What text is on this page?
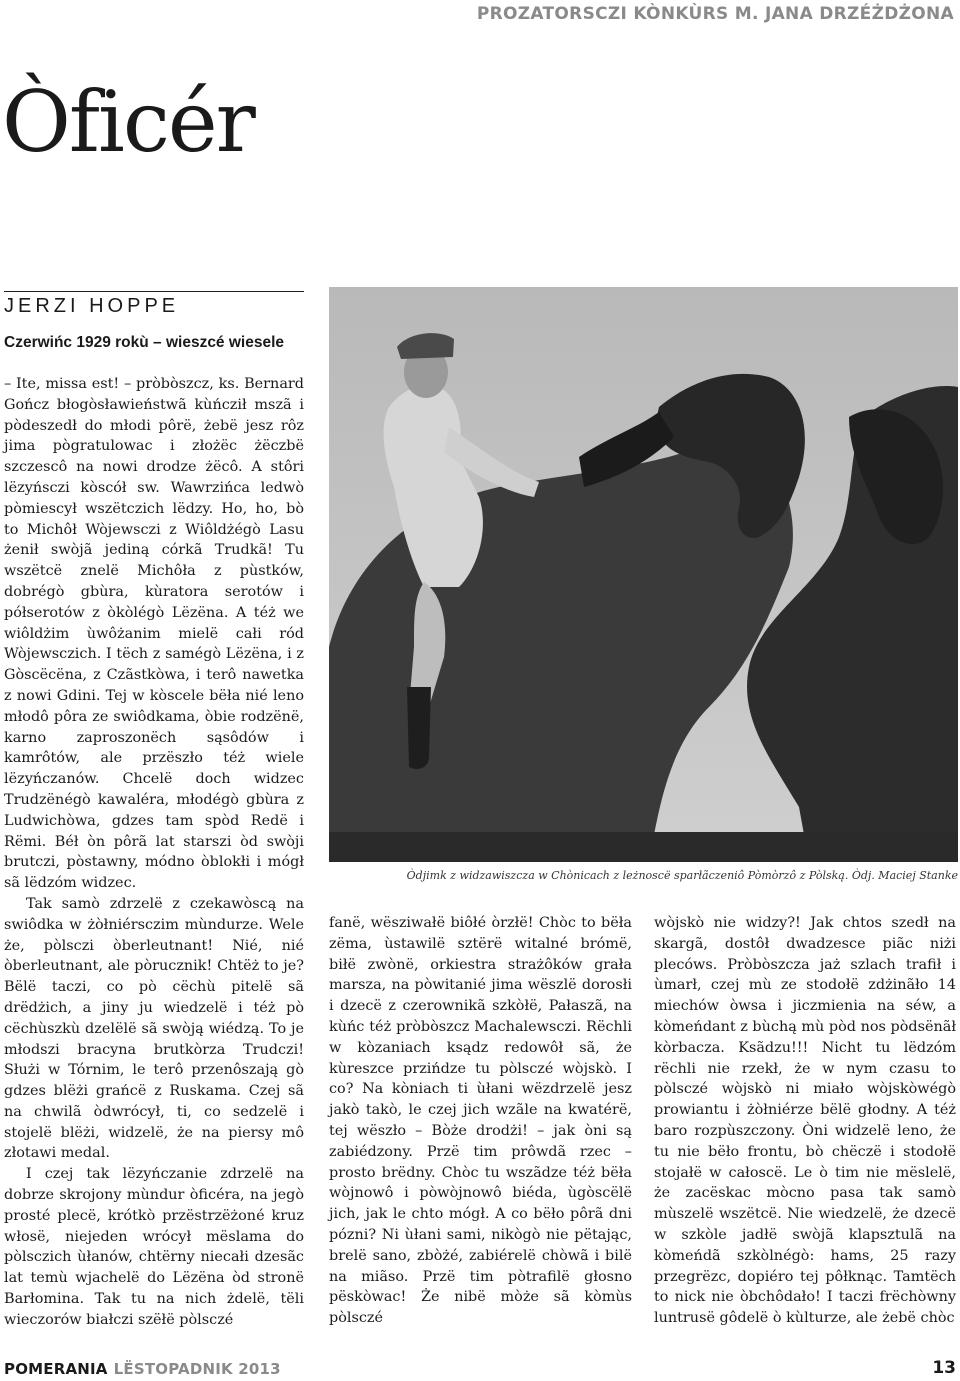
PROZATORSCZI KÒNKÙRS M. JANA DRZÉŻDŻONA
Òficér
JERZI HOPPE
Czerwińc 1929 rokù – wieszcé wiesele

– Ite, missa est! – pròbòszcz, ks. Bernard Gończ błogòsławieństwã kùńcził mszã i pòdeszedł do młodi pôrë, żebë jesz rôz jima pògratulowac i złożëc żëczbë szczescô na nowi drodze żëcô. A stôri lëzyńsczi kòscół sw. Wawrzińca ledwò pòmiescył wszëtczich lëdzy. Ho, ho, bò to Michôł Wòjewsczi z Wiôldżégò Lasu żenił swòjã jediną córkã Trudkã! Tu wszëtcë znelë Michôła z pùstków, dobrégò gbùra, kùratora serotów i półserotów z òkòlégò Lëzëna. A téż we wiôldżim ùwôżanim mielë całi ród Wòjewsczich. I tëch z samégò Lëzëna, i z Gòscëcëna, z Czãstkòwa, i terô nawetka z nowi Gdini. Tej w kòscele bëła nié leno młodô pôra ze swiôdkama, òbie rodzënë, karno zaproszonëch sąsôdów i kamrôtów, ale przëszło téż wiele lëzyńczanów. Chcelë doch widzec Trudzënégò kawaléra, młodégò gbùra z Ludwichòwa, gdzes tam spòd Redë i Rëmi. Béł òn pôrã lat starszi òd swòji brutczi, pòstawny, módno òblokłi i mógł sã lëdzóm widzec.

Tak samò zdrzelë z czekawòscą na swiôdka w żòłniérsczim mùndurze. Wele że, pòlsczi òberleutnant! Nié, nié òberleutnant, ale pòrucznik! Chtëż to je? Bëlë taczi, co pò cëchù pitelë sã drëdżich, a jiny ju wiedzelë i téż pò cëchùszkù dzelëlë sã swòją wiédzą. To je młodszi bracyna brutkòrza Trudczi! Służi w Tórnim, le terô przenôszają gò gdzes blëżi grańcë z Ruskama. Czej sã na chwilã òdwrócył, ti, co sedzelë i stojelë blëżi, widzelë, że na piersy mô złotawi medal.

I czej tak lëzyńczanie zdrzelë na dobrze skrojony mùndur òficéra, na jegò prosté plecë, krótkò przëstrzëżoné kruz włosë, niejeden wrócył mëslama do pòlsczich ùłanów, chtërny niecałi dzesãc lat temù wjachelë do Lëzëna òd stronë Barłomina. Tak tu na nich żdelë, tëli wieczorów białczi szëłë pòlsczé

Òdjimk z widzawiszcza w Chònicach z leżnoscë sparłãczeniô Pòmòrzô z Pòlską. Òdj. Maciej Stanke

fanë, wësziwałë biôłé òrzłë! Chòc to bëła zëma, ùstawilë sztërë witalné brómë, biłë zwònë, orkiestra strażôków grała marsza, na pòwitanié jima wëszlë dorosłi i dzecë z czerownikã szkòłë, Pałaszã, na kùńc téż pròbòszcz Machalewsczi. Rëchli w kòzaniach ksądz redowôł sã, że kùreszce przińdze tu pòlsczé wòjskò. I co? Na kòniach ti ùłani wëzdrzelë jesz jakò takò, le czej jich wzãle na kwatérë, tej wëszło – Bòże drodżi! – jak òni są zabiédzony. Przë tim prôwdã rzec – prosto brëdny. Chòc tu wszãdze téż bëła wòjnowô i pòwòjnowô biéda, ùgòscëlë jich, jak le chto mógł. A co bëło pôrã dni pózni? Ni ùłani sami, nikògò nie pëtając, brelë sano, zbòżé, zabiérelë chòwã i bilë na miãso. Przë tim pòtrafilë głosno pëskòwac! Że nibë mòże sã kòmùs pòlsczé

wòjskò nie widzy?! Jak chtos szedł na skargã, dostôł dwadzesce piãc niżi plecóws. Pròbòszcza jaż szlach trafił i ùmarł, czej mù ze stodołë zdżinãło 14 miechów òwsa i jiczmienia na séw, a kòmeńdant z bùchą mù pòd nos pòdsënãł kòrbacza. Ksãdzu!!! Nicht tu lëdzóm rëchli nie rzekł, że w nym czasu to pòlsczé wòjskò ni miało wòjskòwégò prowiantu i żòłniérze bëlë głodny. A téż baro rozpùszczony. Òni widzelë leno, że tu nie bëło frontu, bò chëczë i stodołë stojałë w całoscë. Le ò tim nie mëslelë, że zacëskac mòcno pasa tak samò mùszelë wszëtcë. Nie wiedzelë, że dzecë w szkòle jadłë swòjã klapsztulã na kòmeńdã szkòlnégò: hams, 25 razy przegrëzc, dopiéro tej pôłknąc. Tamtëch to nick nie òbchôdało! I taczi frëchòwny luntrusë gôdelë ò kùlturze, ale żebë chòc

POMERANIA LËSTOPADNIK 2013	13
